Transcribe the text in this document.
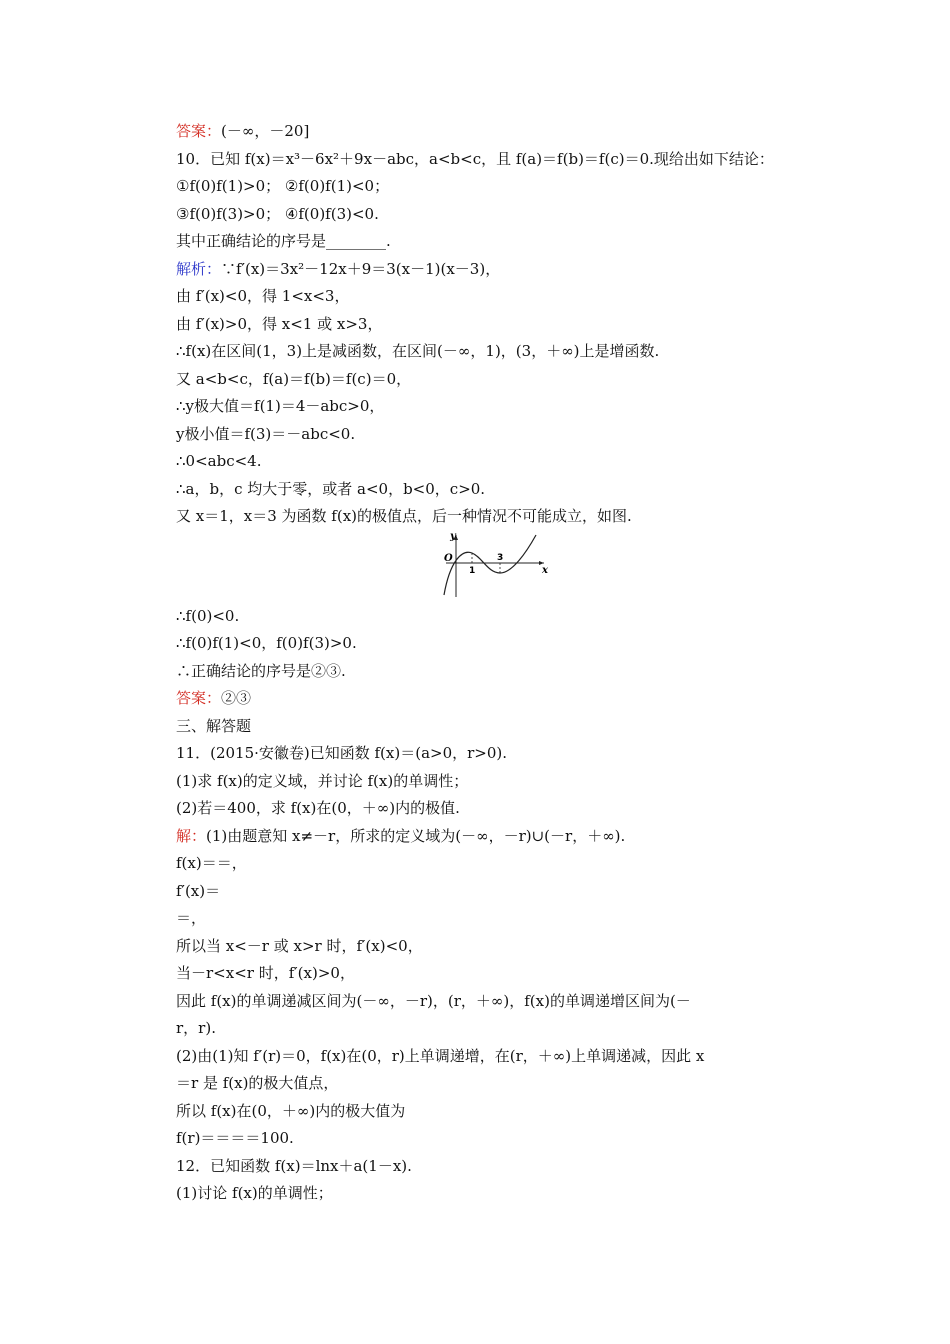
答案：(－∞，－20]
10．已知 f(x)＝x³－6x²＋9x－abc，a<b<c，且 f(a)＝f(b)＝f(c)＝0.现给出如下结论：
①f(0)f(1)>0； ②f(0)f(1)<0；
③f(0)f(3)>0； ④f(0)f(3)<0.
其中正确结论的序号是________.
解析：∵f′(x)＝3x²－12x＋9＝3(x－1)(x－3)，
由 f′(x)<0，得 1<x<3，
由 f′(x)>0，得 x<1 或 x>3，
∴f(x)在区间(1，3)上是减函数，在区间(－∞，1)，(3，＋∞)上是增函数.
又 a<b<c，f(a)＝f(b)＝f(c)＝0，
∴y极大值＝f(1)＝4－abc>0，
y极小值＝f(3)＝－abc<0.
∴0<abc<4.
∴a，b，c 均大于零，或者 a<0，b<0，c>0.
又 x＝1，x＝3 为函数 f(x)的极值点，后一种情况不可能成立，如图.
y
O
x
1
3
∴f(0)<0.
∴f(0)f(1)<0，f(0)f(3)>0.
∴正确结论的序号是②③.
答案：②③
三、解答题
11．(2015·安徽卷)已知函数 f(x)＝(a>0，r>0).
(1)求 f(x)的定义域，并讨论 f(x)的单调性；
(2)若＝400，求 f(x)在(0，＋∞)内的极值.
解：(1)由题意知 x≠－r，所求的定义域为(－∞，－r)∪(－r，＋∞).
f(x)＝＝，
f′(x)＝
＝，
所以当 x<－r 或 x>r 时，f′(x)<0，
当－r<x<r 时，f′(x)>0，
因此 f(x)的单调递减区间为(－∞，－r)，(r，＋∞)，f(x)的单调递增区间为(－
r，r).
(2)由(1)知 f′(r)＝0，f(x)在(0，r)上单调递增，在(r，＋∞)上单调递减，因此 x
＝r 是 f(x)的极大值点，
所以 f(x)在(0，＋∞)内的极大值为
f(r)＝＝＝＝100.
12．已知函数 f(x)＝lnx＋a(1－x).
(1)讨论 f(x)的单调性；
